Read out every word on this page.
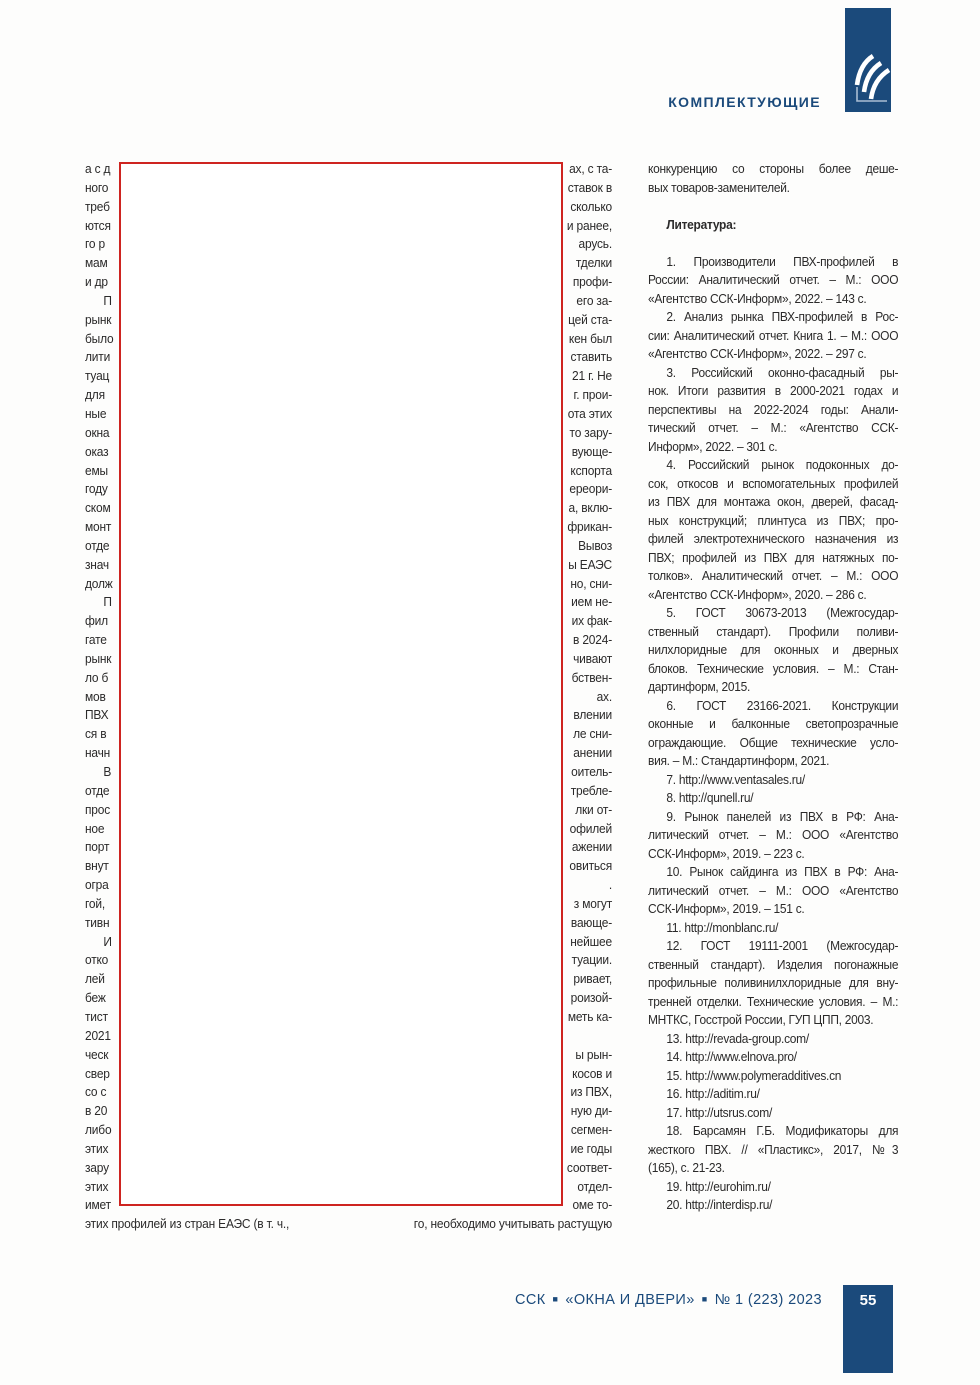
КОМПЛЕКТУЮЩИЕ
а с д
ного
треб
ются
го р
мам
и др
П
рынк
было
лити
туац
для
ные
окна
оказ
емы
году
ском
монт
отде
знач
долж
П
фил
гате
рынк
ло б
мов
ПВХ
ся в
начн
В
отде
прос
ное
порт
внут
огра
гой,
тивн
И
отко
лей
беж
тист
2021
ческ
свер
со с
в 20
либо
этих
зару
этих
имет
этих профилей из стран ЕАЭС (в т. ч.,
ах, с та-
ставок в
сколько
и ранее,
арусь.
тделки
профи-
его за-
цей ста-
кен был
ставить
21 г. Не
г. прои-
ота этих
то зару-
вующе-
кспорта
ереори-
а, вклю-
фрикан-
Вывоз
ы ЕАЭС
но, сни-
ием не-
их фак-
в 2024-
чивают
бствен-
ах.
влении
ле сни-
анении
оитель-
требле-
лки от-
офилей
ажении
овиться
.
з могут
вающе-
нейшее
туации.
ривает,
роизой-
меть ка-

ы рын-
косов и
из ПВХ,
ную ди-
сегмен-
ие годы
соответ-
отдел-
оме то-
го, необходимо учитывать растущую
конкуренцию со стороны более деше-
вых товаров-заменителей.

Литература:

1. Производители ПВХ-профилей в
России: Аналитический отчет. – М.: ООО
«Агентство ССК-Информ», 2022. – 143 с.
2. Анализ рынка ПВХ-профилей в Рос-
сии: Аналитический отчет. Книга 1. – М.: ООО
«Агентство ССК-Информ», 2022. – 297 с.
3. Российский оконно-фасадный ры-
нок. Итоги развития в 2000-2021 годах и
перспективы на 2022-2024 годы: Анали-
тический отчет. – М.: «Агентство ССК-
Информ», 2022. – 301 с.
4. Российский рынок подоконных до-
сок, откосов и вспомогательных профилей
из ПВХ для монтажа окон, дверей, фасад-
ных конструкций; плинтуса из ПВХ; про-
филей электротехнического назначения из
ПВХ; профилей из ПВХ для натяжных по-
толков». Аналитический отчет. – М.: ООО
«Агентство ССК-Информ», 2020. – 286 с.
5. ГОСТ 30673-2013 (Межгосудар-
ственный стандарт). Профили поливи-
нилхлоридные для оконных и дверных
блоков. Технические условия. – М.: Стан-
дартинформ, 2015.
6. ГОСТ 23166-2021. Конструкции
оконные и балконные светопрозрачные
ограждающие. Общие технические усло-
вия. – М.: Стандартинформ, 2021.
7. http://www.ventasales.ru/
8. http://qunell.ru/
9. Рынок панелей из ПВХ в РФ: Ана-
литический отчет. – М.: ООО «Агентство
ССК-Информ», 2019. – 223 с.
10. Рынок сайдинга из ПВХ в РФ: Ана-
литический отчет. – М.: ООО «Агентство
ССК-Информ», 2019. – 151 с.
11. http://monblanc.ru/
12. ГОСТ 19111-2001 (Межгосудар-
ственный стандарт). Изделия погонажные
профильные поливинилхлоридные для вну-
тренней отделки. Технические условия. – М.:
МНТКС, Госстрой России, ГУП ЦПП, 2003.
13. http://revada-group.com/
14. http://www.elnova.pro/
15. http://www.polymeradditives.cn
16. http://aditim.ru/
17. http://utsrus.com/
18. Барсамян Г.Б. Модификаторы для
жесткого ПВХ. // «Пластикс», 2017, №3
(165), с. 21-23.
19. http://eurohim.ru/
20. http://interdisp.ru/
ССК ■ «ОКНА И ДВЕРИ» ■ № 1 (223) 2023	55
